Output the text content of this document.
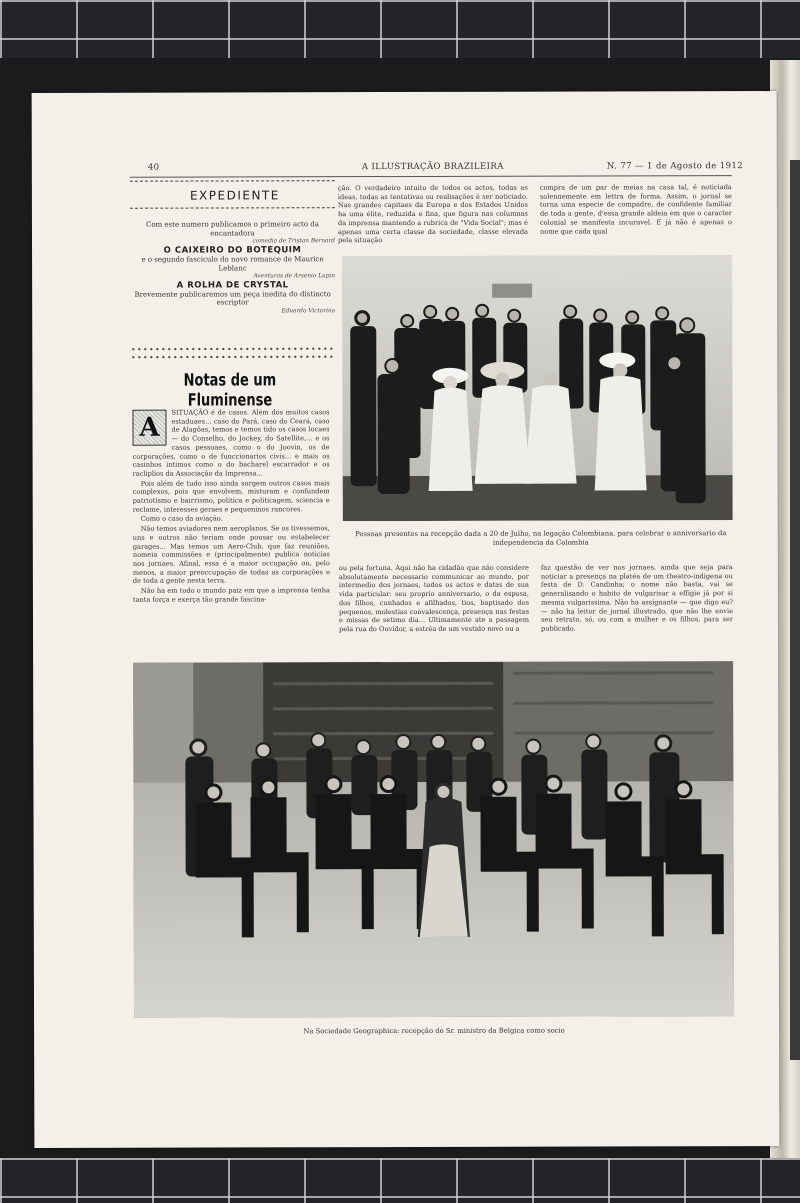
40	A ILLUSTRAÇÃO BRAZILEIRA	N. 77 — 1 de Agosto de 1912
EXPEDIENTE
Com este numero publicamos o primeiro acto da encantadora
comedia de Tristan Bernard
O CAIXEIRO DO BOTEQUIM
e o segundo fasciculo do novo romance de Maurice Leblanc
Aventuras de Arsenio Lupin
A ROLHA DE CRYSTAL
Brevemente publicaremos um peça inedita do distincto escriptor
Eduardo Victorino
Notas de um Fluminense

A
SITUAÇÃO é de casos. Além dos muitos casos estaduaes... caso do Pará, caso do Ceará, caso de Alagôas, temos e temos tido os casos locaes — do Conselho, do Jockey, do Satellite,... e os casos pessoaes, como o do Joovin, os de corporações, como o de funccionarios civis... e mais os casinhos intimos como o do bacharel escarrador e os racliplios da Associação da Imprensa...

Pois além de tudo isso ainda surgem outros casos mais complexos, pois que envolvem, misturam e confundem patriotismo e bairrismo, politica e politicagem, sciencia e reclame, interesses geraes e pequeninos rancores.

Como o caso da aviação.

Não temos aviadores nem aeroplanos. Se os tivessemos, uns e outros não teriam onde pousar ou estabelecer garages... Mas temos um Aero-Club, que faz reuniões, nomeia commissões e (principalmente) publica noticias nos jornaes. Afinal, essa é a maior occupação ou, pelo menos, a maior preoccupação de todas as corporações e de toda a gente nesta terra.

Não ha em todo o mundo paiz em que a imprensa tenha tanta força e exerça tão grande fascina-

ção. O verdadeiro intuito de todos os actos, todas as ideas, todas as tentativas ou realisações é ser noticiado. Nas grandes capitaes da Europa e dos Estados Unidos ha uma élite, reduzida e fina, que figura nas columnas da imprensa mantendo a rubrica de "Vida Social"; mas é apenas uma certa classe da sociedade, classe elevada pela situação
compra de um par de meias na casa tal, é noticiada solennemente em lettra de forma. Assim, o jornal se torna uma especie de compadre, de confidente familiar de toda a gente, d'essa grande aldeia em que o caracter colonial se manifesta incuravel. E já não é apenas o nome que cada qual
Pessoas presentes na recepção dada a 20 de Julho, na legação Colombiana, para celebrar o anniversario da independencia da Colombia
ou pela fortuna. Aqui não ha cidadão que não considere absolutamente necessario communicar ao mundo, por intermedio dos jornaes, todos os actos e datas de sua vida particular: seu proprio anniversario, o da esposa, dos filhos, cunhados e afilhados, tios, baptisado dos pequenos, molestias convalescença, presença nas festas e missas de setimo dia... Ultimamente ate a passagem pela rua do Ouvidor, a estréa de um vestido novo ou a
faz questão de ver nos jornaes, ainda que seja para noticiar a presença na platéa de um theatro-indigena ou festa de D. Candinha; o nome não basta, vai se generalisando o habito de vulgarisar a effigie já por si mesma vulgarissima. Não ha assignante — que digo eu? — não ha leitor de jornal illustrado, que não lhe envie seu retrato, só, ou com a mulher e os filhos, para ser publicado.
Na Sociedade Geographica: recepção do Sr. ministro da Belgica como socio
